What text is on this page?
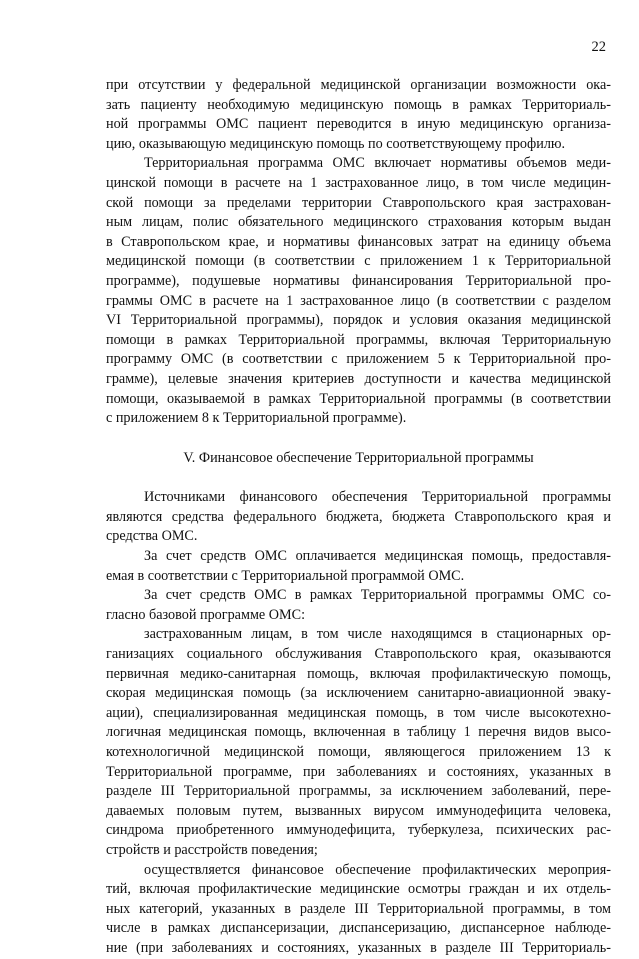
22
при отсутствии у федеральной медицинской организации возможности ока-
зать пациенту необходимую медицинскую помощь в рамках Территориаль-
ной программы ОМС пациент переводится в иную медицинскую организа-
цию, оказывающую медицинскую помощь по соответствующему профилю.
Территориальная программа ОМС включает нормативы объемов меди-
цинской помощи в расчете на 1 застрахованное лицо, в том числе медицин-
ской помощи за пределами территории Ставропольского края застрахован-
ным лицам, полис обязательного медицинского страхования которым выдан
в Ставропольском крае, и нормативы финансовых затрат на единицу объема
медицинской помощи (в соответствии с приложением 1 к Территориальной
программе), подушевые нормативы финансирования Территориальной про-
граммы ОМС в расчете на 1 застрахованное лицо (в соответствии с разделом
VI Территориальной программы), порядок и условия оказания медицинской
помощи в рамках Территориальной программы, включая Территориальную
программу ОМС (в соответствии с приложением 5 к Территориальной про-
грамме), целевые значения критериев доступности и качества медицинской
помощи, оказываемой в рамках Территориальной программы (в соответствии
с приложением 8 к Территориальной программе).
V. Финансовое обеспечение Территориальной программы
Источниками финансового обеспечения Территориальной программы
являются средства федерального бюджета, бюджета Ставропольского края и
средства ОМС.
За счет средств ОМС оплачивается медицинская помощь, предоставля-
емая в соответствии с Территориальной программой ОМС.
За счет средств ОМС в рамках Территориальной программы ОМС со-
гласно базовой программе ОМС:
застрахованным лицам, в том числе находящимся в стационарных ор-
ганизациях социального обслуживания Ставропольского края, оказываются
первичная медико-санитарная помощь, включая профилактическую помощь,
скорая медицинская помощь (за исключением санитарно-авиационной эваку-
ации), специализированная медицинская помощь, в том числе высокотехно-
логичная медицинская помощь, включенная в таблицу 1 перечня видов высо-
котехнологичной медицинской помощи, являющегося приложением 13 к
Территориальной программе, при заболеваниях и состояниях, указанных в
разделе III Территориальной программы, за исключением заболеваний, пере-
даваемых половым путем, вызванных вирусом иммунодефицита человека,
синдрома приобретенного иммунодефицита, туберкулеза, психических рас-
стройств и расстройств поведения;
осуществляется финансовое обеспечение профилактических мероприя-
тий, включая профилактические медицинские осмотры граждан и их отдель-
ных категорий, указанных в разделе III Территориальной программы, в том
числе в рамках диспансеризации, диспансеризацию, диспансерное наблюде-
ние (при заболеваниях и состояниях, указанных в разделе III Территориаль-
